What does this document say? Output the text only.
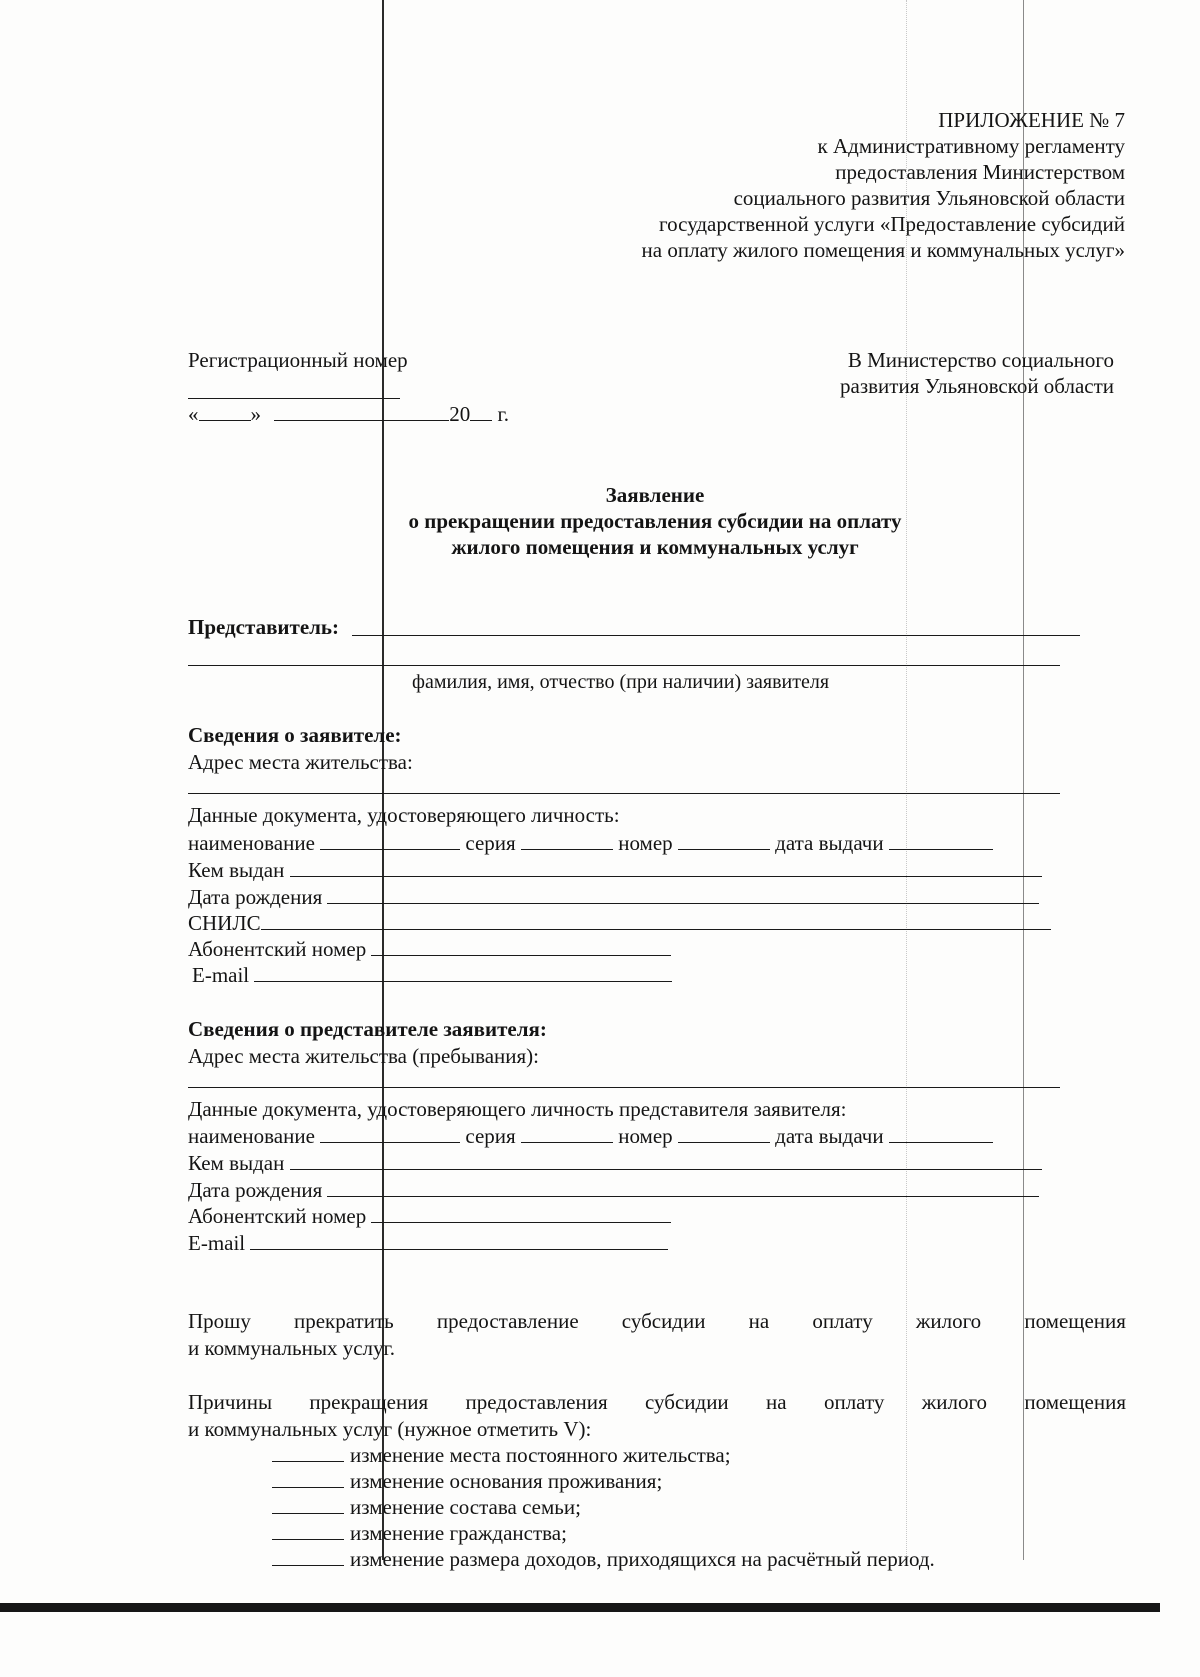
ПРИЛОЖЕНИЕ № 7
к Административному регламенту
предоставления Министерством
социального развития Ульяновской области
государственной услуги «Предоставление субсидий
на оплату жилого помещения и коммунальных услуг»
Регистрационный номер
« »	20 г.
В Министерство социального
развития Ульяновской области
Заявление
о прекращении предоставления субсидии на оплату
жилого помещения и коммунальных услуг
Представитель:
фамилия, имя, отчество (при наличии) заявителя
Сведения о заявителе:
Адрес места жительства:
Данные документа, удостоверяющего личность:
наименование	серия	номер	дата выдачи
Кем выдан
Дата рождения
СНИЛС
Абонентский номер
E-mail
Сведения о представителе заявителя:
Адрес места жительства (пребывания):
Данные документа, удостоверяющего личность представителя заявителя:
наименование	серия	номер	дата выдачи
Кем выдан
Дата рождения
Абонентский номер
E-mail
Прошу прекратить предоставление субсидии на оплату жилого помещения
и коммунальных услуг.
Причины прекращения предоставления субсидии на оплату жилого помещения
и коммунальных услуг (нужное отметить V):
изменение места постоянного жительства;
изменение основания проживания;
изменение состава семьи;
изменение гражданства;
изменение размера доходов, приходящихся на расчётный период.
